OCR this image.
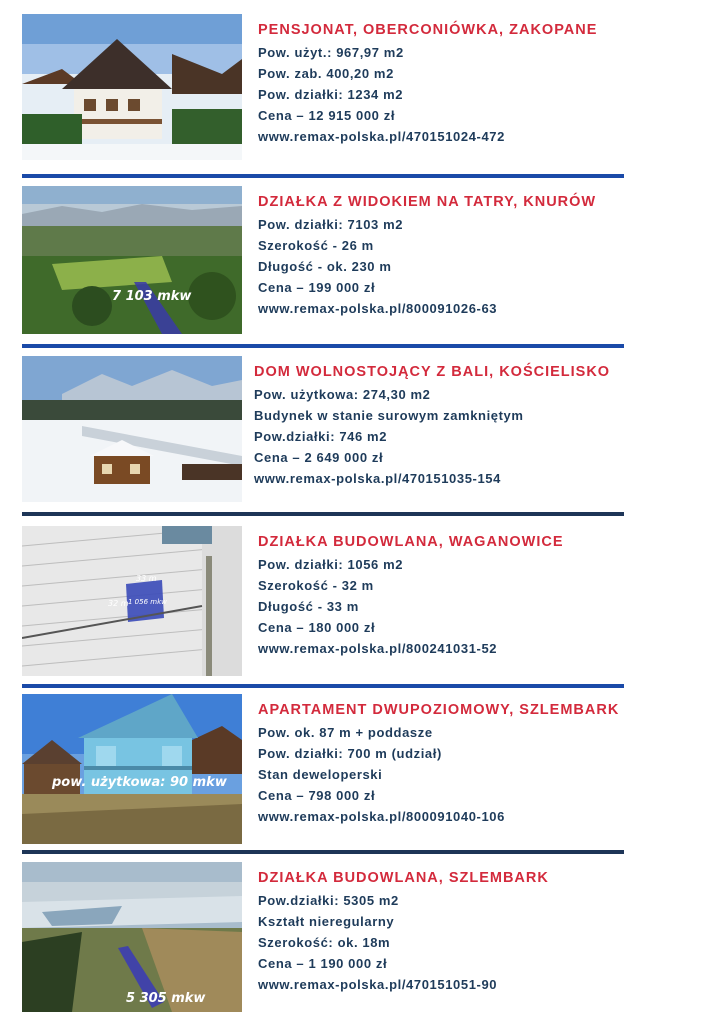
PENSJONAT, OBERCONIÓWKA, ZAKOPANE
Pow. użyt.: 967,97 m2
Pow. zab. 400,20 m2
Pow. działki: 1234 m2
Cena – 12 915 000 zł
www.remax-polska.pl/470151024-472
7 103 mkw
DZIAŁKA Z WIDOKIEM NA TATRY, KNURÓW
Pow. działki: 7103 m2
Szerokość - 26 m
Długość - ok. 230 m
Cena – 199 000 zł
www.remax-polska.pl/800091026-63
DOM WOLNOSTOJĄCY Z BALI, KOŚCIELISKO
Pow. użytkowa: 274,30 m2
Budynek w stanie surowym zamkniętym
Pow.działki: 746 m2
Cena – 2 649 000 zł
www.remax-polska.pl/470151035-154
33 m
32 m 1 056 mkw
DZIAŁKA BUDOWLANA, WAGANOWICE
Pow. działki: 1056 m2
Szerokość - 32 m
Długość - 33 m
Cena – 180 000 zł
www.remax-polska.pl/800241031-52
pow. użytkowa: 90 mkw
APARTAMENT DWUPOZIOMOWY, SZLEMBARK
Pow. ok. 87 m + poddasze
Pow. działki: 700 m (udział)
Stan deweloperski
Cena – 798 000 zł
www.remax-polska.pl/800091040-106
5 305 mkw
DZIAŁKA BUDOWLANA, SZLEMBARK
Pow.działki: 5305 m2
Kształt nieregularny
Szerokość: ok. 18m
Cena – 1 190 000 zł
www.remax-polska.pl/470151051-90
